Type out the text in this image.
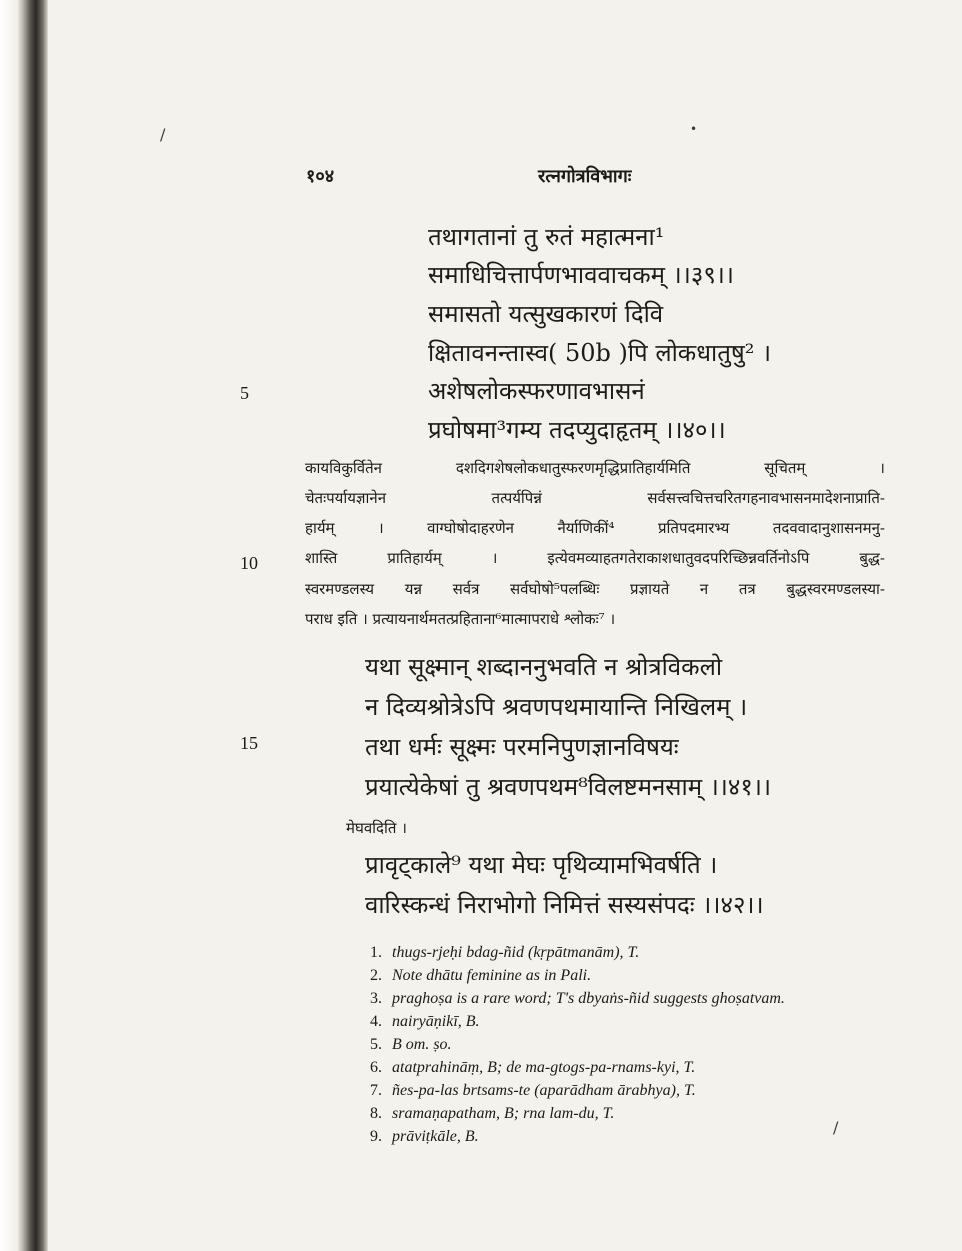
/	•
/
१०४	रत्नगोत्रविभागः
तथागतानां तु रुतं महात्मना¹
समाधिचित्तार्पणभाववाचकम् ।।३९।।
समासतो यत्सुखकारणं दिवि
क्षितावनन्तास्व( 50b )पि लोकधातुषु² ।
अशेषलोकस्फरणावभासनं
प्रघोषमा³गम्य तदप्युदाहृतम् ।।४०।।
5
कायविकुर्वितेन दशदिगशेषलोकधातुस्फरणमृद्धिप्रातिहार्यमिति सूचितम् ।
चेतःपर्यायज्ञानेन तत्पर्यपिन्नं सर्वसत्त्वचित्तचरितगहनावभासनमादेशनाप्राति-
हार्यम् । वाग्घोषोदाहरणेन नैर्याणिकीं⁴ प्रतिपदमारभ्य तदववादानुशासनमनु-
शास्ति प्रातिहार्यम् । इत्येवमव्याहतगतेराकाशधातुवदपरिच्छिन्नवर्तिनोऽपि बुद्ध-
स्वरमण्डलस्य यन्न सर्वत्र सर्वघोषो⁵पलब्धिः प्रज्ञायते न तत्र बुद्धस्वरमण्डलस्या-
पराध इति । प्रत्यायनार्थमतत्प्रहिताना⁶मात्मापराधे श्लोकः⁷ ।
10
यथा सूक्ष्मान् शब्दाननुभवति न श्रोत्रविकलो
न दिव्यश्रोत्रेऽपि श्रवणपथमायान्ति निखिलम् ।
तथा धर्मः सूक्ष्मः परमनिपुणज्ञानविषयः
प्रयात्येकेषां तु श्रवणपथम⁸विलष्टमनसाम् ।।४१।।
15
मेघवदिति ।
प्रावृट्काले⁹ यथा मेघः पृथिव्यामभिवर्षति ।
वारिस्कन्धं निराभोगो निमित्तं सस्यसंपदः ।।४२।।
1. thugs-rjeḥi bdag-ñid (kṛpātmanām), T.
2. Note dhātu feminine as in Pali.
3. praghoṣa is a rare word; T's dbyaṅs-ñid suggests ghoṣatvam.
4. nairyāṇikī, B.
5. B om. ṣo.
6. atatprahināṃ, B; de ma-gtogs-pa-rnams-kyi, T.
7. ñes-pa-las brtsams-te (aparādham ārabhya), T.
8. sramaṇapatham, B; rna lam-du, T.
9. prāviṭkāle, B.
